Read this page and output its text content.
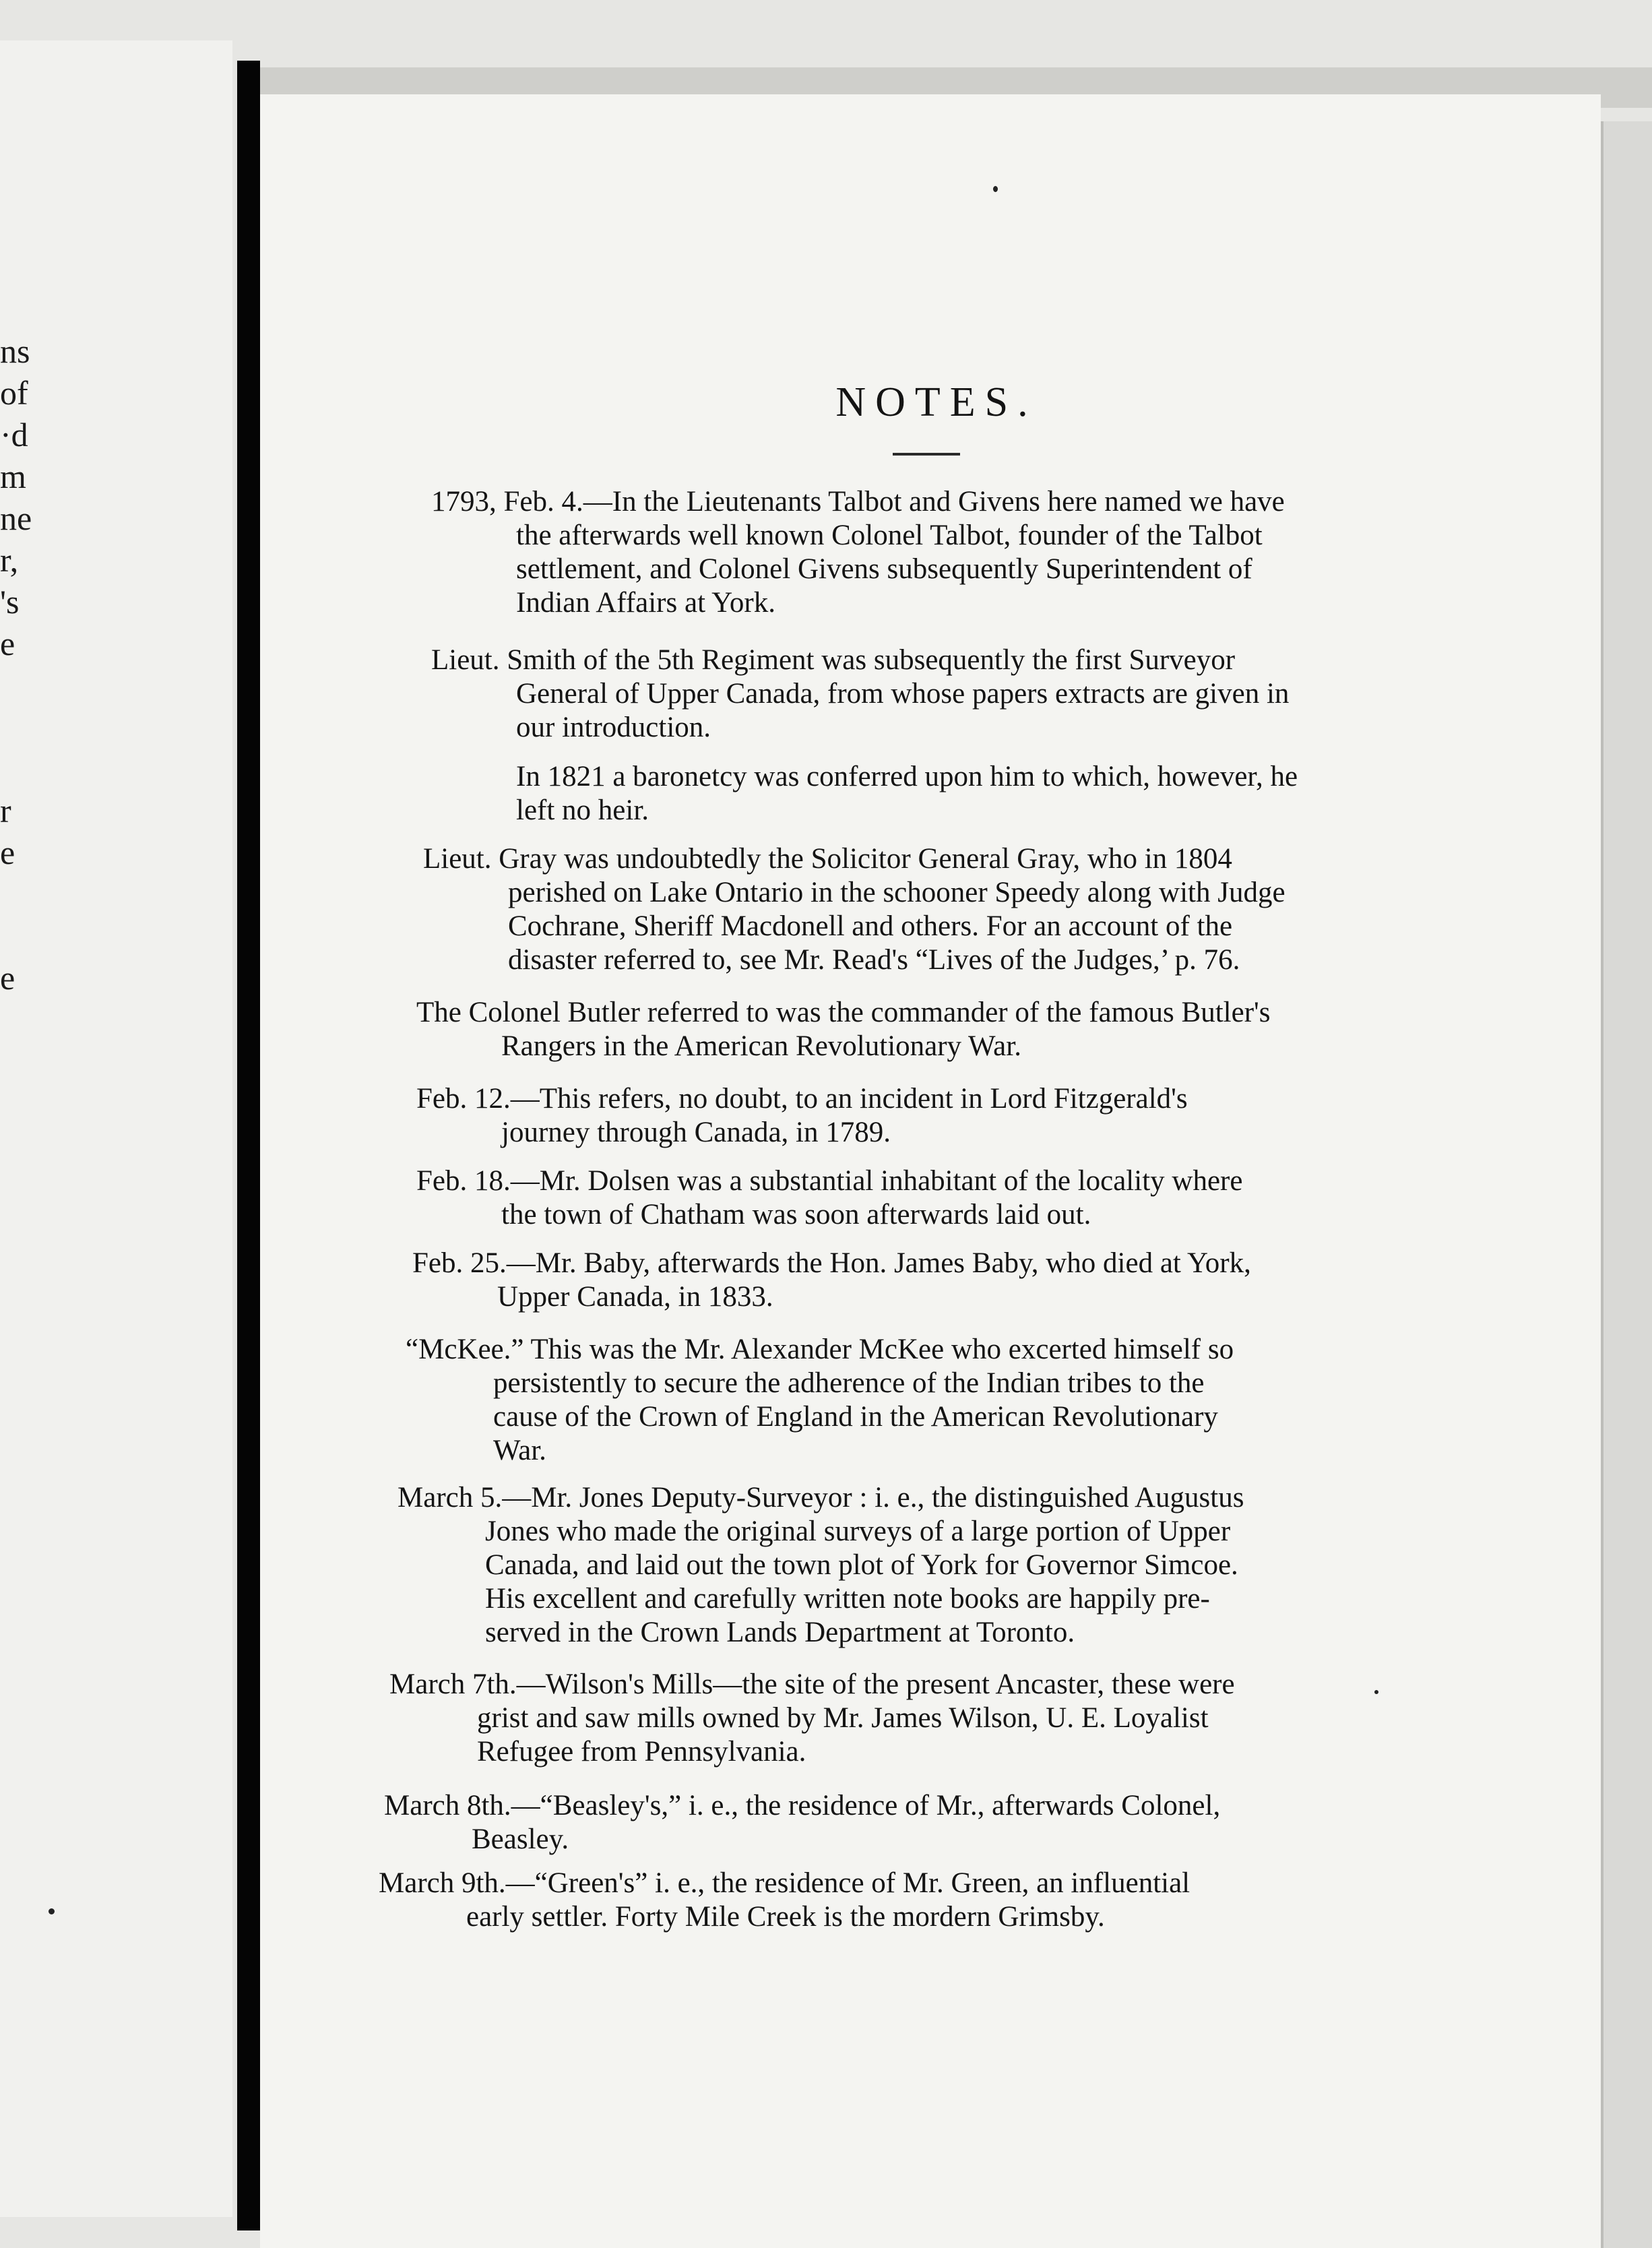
ns
of
·d
m
ne
r,
's
e
r
e
e
NOTES.
1793, Feb. 4.—In the Lieutenants Talbot and Givens here named we have
the afterwards well known Colonel Talbot, founder of the Talbot
settlement, and Colonel Givens subsequently Superintendent of
Indian Affairs at York.
Lieut. Smith of the 5th Regiment was subsequently the first Surveyor
General of Upper Canada, from whose papers extracts are given in
our introduction.
In 1821 a baronetcy was conferred upon him to which, however, he
left no heir.
Lieut. Gray was undoubtedly the Solicitor General Gray, who in 1804
perished on Lake Ontario in the schooner Speedy along with Judge
Cochrane, Sheriff Macdonell and others. For an account of the
disaster referred to, see Mr. Read's “Lives of the Judges,’ p. 76.
The Colonel Butler referred to was the commander of the famous Butler's
Rangers in the American Revolutionary War.
Feb. 12.—This refers, no doubt, to an incident in Lord Fitzgerald's
journey through Canada, in 1789.
Feb. 18.—Mr. Dolsen was a substantial inhabitant of the locality where
the town of Chatham was soon afterwards laid out.
Feb. 25.—Mr. Baby, afterwards the Hon. James Baby, who died at York,
Upper Canada, in 1833.
“McKee.” This was the Mr. Alexander McKee who excerted himself so
persistently to secure the adherence of the Indian tribes to the
cause of the Crown of England in the American Revolutionary
War.
March 5.—Mr. Jones Deputy-Surveyor : i. e., the distinguished Augustus
Jones who made the original surveys of a large portion of Upper
Canada, and laid out the town plot of York for Governor Simcoe.
His excellent and carefully written note books are happily pre-
served in the Crown Lands Department at Toronto.
March 7th.—Wilson's Mills—the site of the present Ancaster, these were
grist and saw mills owned by Mr. James Wilson, U. E. Loyalist
Refugee from Pennsylvania.
March 8th.—“Beasley's,” i. e., the residence of Mr., afterwards Colonel,
Beasley.
March 9th.—“Green's” i. e., the residence of Mr. Green, an influential
early settler. Forty Mile Creek is the mordern Grimsby.
